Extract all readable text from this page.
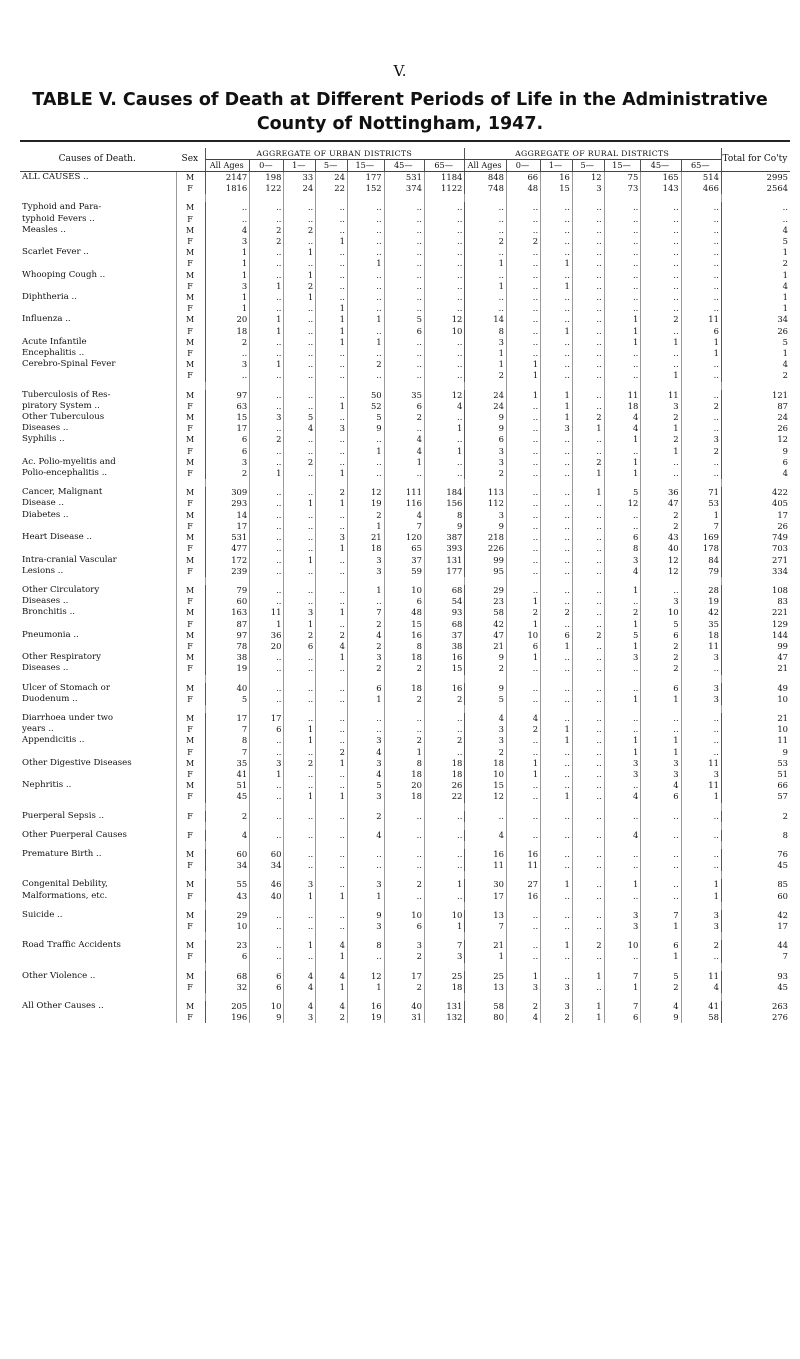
V.
TABLE V. Causes of Death at Different Periods of Life in the Administrative
County of Nottingham, 1947.
Causes of Death.	Sex	AGGREGATE OF URBAN DISTRICTS							AGGREGATE OF RURAL DISTRICTS							Total for Co'ty
		All Ages	0—	1—	5—	15—	45—	65—	All Ages	0—	1—	5—	15—	45—	65—	
ALL CAUSES ..	M	2147	198	33	24	177	531	1184	848	66	16	12	75	165	514	2995
	F	1816	122	24	22	152	374	1122	748	48	15	3	73	143	466	2564

Typhoid and Para-	M	..	..	..	..	..	..	..	..	..	..	..	..	..	..	..
typhoid Fevers ..	F	..	..	..	..	..	..	..	..	..	..	..	..	..	..	..
Measles ..	M	4	2	2	..	..	..	..	..	..	..	..	..	..	..	4
	F	3	2	..	1	..	..	..	2	2	..	..	..	..	..	5
Scarlet Fever ..	M	1	..	1	..	..	..	..	..	..	..	..	..	..	..	1
	F	1	..	..	..	1	..	..	1	..	1	..	..	..	..	2
Whooping Cough ..	M	1	..	1	..	..	..	..	..	..	..	..	..	..	..	1
	F	3	1	2	..	..	..	..	1	..	1	..	..	..	..	4
Diphtheria ..	M	1	..	1	..	..	..	..	..	..	..	..	..	..	..	1
	F	1	..	..	1	..	..	..	..	..	..	..	..	..	..	1
Influenza ..	M	20	1	..	1	1	5	12	14	..	..	..	1	2	11	34
	F	18	1	..	1	..	6	10	8	..	1	..	1	..	6	26
Acute Infantile	M	2	..	..	1	1	..	..	3	..	..	..	1	1	1	5
Encephalitis ..	F	..	..	..	..	..	..	..	1	..	..	..	..	..	1	1
Cerebro-Spinal Fever	M	3	1	..	..	2	..	..	1	1	..	..	..	..	..	4
	F	..	..	..	..	..	..	..	2	1	..	..	..	1	..	2

Tuberculosis of Res-	M	97	..	..	..	50	35	12	24	1	1	..	11	11	..	121
piratory System ..	F	63	..	..	1	52	6	4	24	..	1	..	18	3	2	87
Other Tuberculous	M	15	3	5	..	5	2	..	9	..	1	2	4	2	..	24
Diseases ..	F	17	..	4	3	9	..	1	9	..	3	1	4	1	..	26
Syphilis ..	M	6	2	..	..	..	4	..	6	..	..	..	1	2	3	12
	F	6	..	..	..	1	4	1	3	..	..	..	..	1	2	9
Ac. Polio-myelitis and	M	3	..	2	..	..	1	..	3	..	..	2	1	..	..	6
Polio-encephalitis ..	F	2	1	..	1	..	..	..	2	..	..	1	1	..	..	4

Cancer, Malignant	M	309	..	..	2	12	111	184	113	..	..	1	5	36	71	422
Disease ..	F	293	..	1	1	19	116	156	112	..	..	..	12	47	53	405
Diabetes ..	M	14	..	..	..	2	4	8	3	..	..	..	..	2	1	17
	F	17	..	..	..	1	7	9	9	..	..	..	..	2	7	26
Heart Disease ..	M	531	..	..	3	21	120	387	218	..	..	..	6	43	169	749
	F	477	..	..	1	18	65	393	226	..	..	..	8	40	178	703
Intra-cranial Vascular	M	172	..	1	..	3	37	131	99	..	..	..	3	12	84	271
Lesions ..	F	239	..	..	..	3	59	177	95	..	..	..	4	12	79	334

Other Circulatory	M	79	..	..	..	1	10	68	29	..	..	..	1	..	28	108
Diseases ..	F	60	..	..	..	..	6	54	23	1	..	..	..	3	19	83
Bronchitis ..	M	163	11	3	1	7	48	93	58	2	2	..	2	10	42	221
	F	87	1	1	..	2	15	68	42	1	..	..	1	5	35	129
Pneumonia ..	M	97	36	2	2	4	16	37	47	10	6	2	5	6	18	144
	F	78	20	6	4	2	8	38	21	6	1	..	1	2	11	99
Other Respiratory	M	38	..	..	1	3	18	16	9	1	..	..	3	2	3	47
Diseases ..	F	19	..	..	..	2	2	15	2	..	..	..	..	2	..	21

Ulcer of Stomach or	M	40	..	..	..	6	18	16	9	..	..	..	..	6	3	49
Duodenum ..	F	5	..	..	..	1	2	2	5	..	..	..	1	1	3	10

Diarrhoea under two	M	17	17	..	..	..	..	..	4	4	..	..	..	..	..	21
years ..	F	7	6	1	..	..	..	..	3	2	1	..	..	..	..	10
Appendicitis ..	M	8	..	1	..	3	2	2	3	..	1	..	1	1	..	11
	F	7	..	..	2	4	1	..	2	..	..	..	1	1	..	9
Other Digestive Diseases	M	35	3	2	1	3	8	18	18	1	..	..	3	3	11	53
	F	41	1	..	..	4	18	18	10	1	..	..	3	3	3	51
Nephritis ..	M	51	..	..	..	5	20	26	15	..	..	..	..	4	11	66
	F	45	..	1	1	3	18	22	12	..	1	..	4	6	1	57

Puerperal Sepsis ..	F	2	..	..	..	2	..	..	..	..	..	..	..	..	..	2

Other Puerperal Causes	F	4	..	..	..	4	..	..	4	..	..	..	4	..	..	8

Premature Birth ..	M	60	60	..	..	..	..	..	16	16	..	..	..	..	..	76
	F	34	34	..	..	..	..	..	11	11	..	..	..	..	..	45

Congenital Debility,	M	55	46	3	..	3	2	1	30	27	1	..	1	..	1	85
Malformations, etc.	F	43	40	1	1	1	..	..	17	16	..	..	..	..	1	60

Suicide ..	M	29	..	..	..	9	10	10	13	..	..	..	3	7	3	42
	F	10	..	..	..	3	6	1	7	..	..	..	3	1	3	17

Road Traffic Accidents	M	23	..	1	4	8	3	7	21	..	1	2	10	6	2	44
	F	6	..	..	1	..	2	3	1	..	..	..	..	1	..	7

Other Violence ..	M	68	6	4	4	12	17	25	25	1	..	1	7	5	11	93
	F	32	6	4	1	1	2	18	13	3	3	..	1	2	4	45

All Other Causes ..	M	205	10	4	4	16	40	131	58	2	3	1	7	4	41	263
	F	196	9	3	2	19	31	132	80	4	2	1	6	9	58	276
